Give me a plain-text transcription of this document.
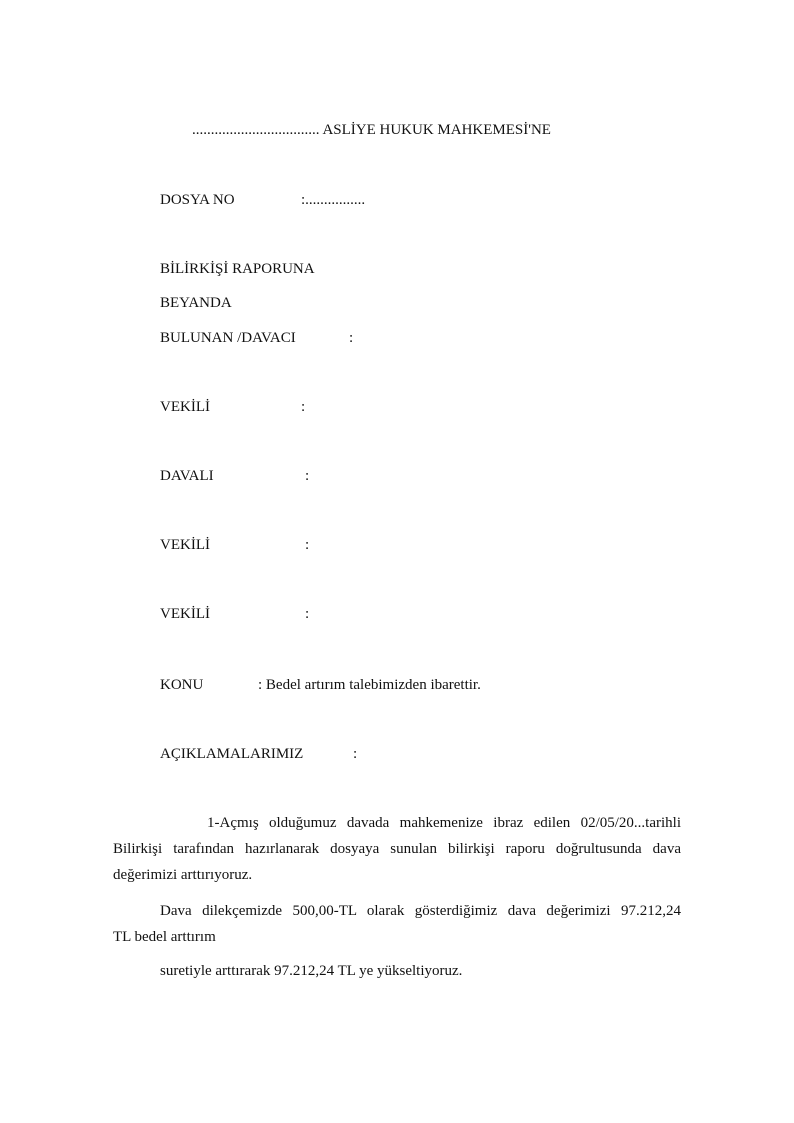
.................................. ASLİYE HUKUK MAHKEMESİ'NE
DOSYA NO	:................
BİLİRKİŞİ RAPORUNA
BEYANDA
BULUNAN /DAVACI	:
VEKİLİ	:
DAVALI	:
VEKİLİ	:
VEKİLİ	:
KONU	: Bedel artırım talebimizden ibarettir.
AÇIKLAMALARIMIZ	:
1-Açmış olduğumuz davada mahkemenize ibraz edilen 02/05/20...tarihli
Bilirkişi tarafından hazırlanarak dosyaya sunulan bilirkişi raporu doğrultusunda dava
değerimizi arttırıyoruz.
Dava dilekçemizde 500,00-TL olarak gösterdiğimiz dava değerimizi 97.212,24
TL bedel arttırım
suretiyle arttırarak 97.212,24 TL ye yükseltiyoruz.
